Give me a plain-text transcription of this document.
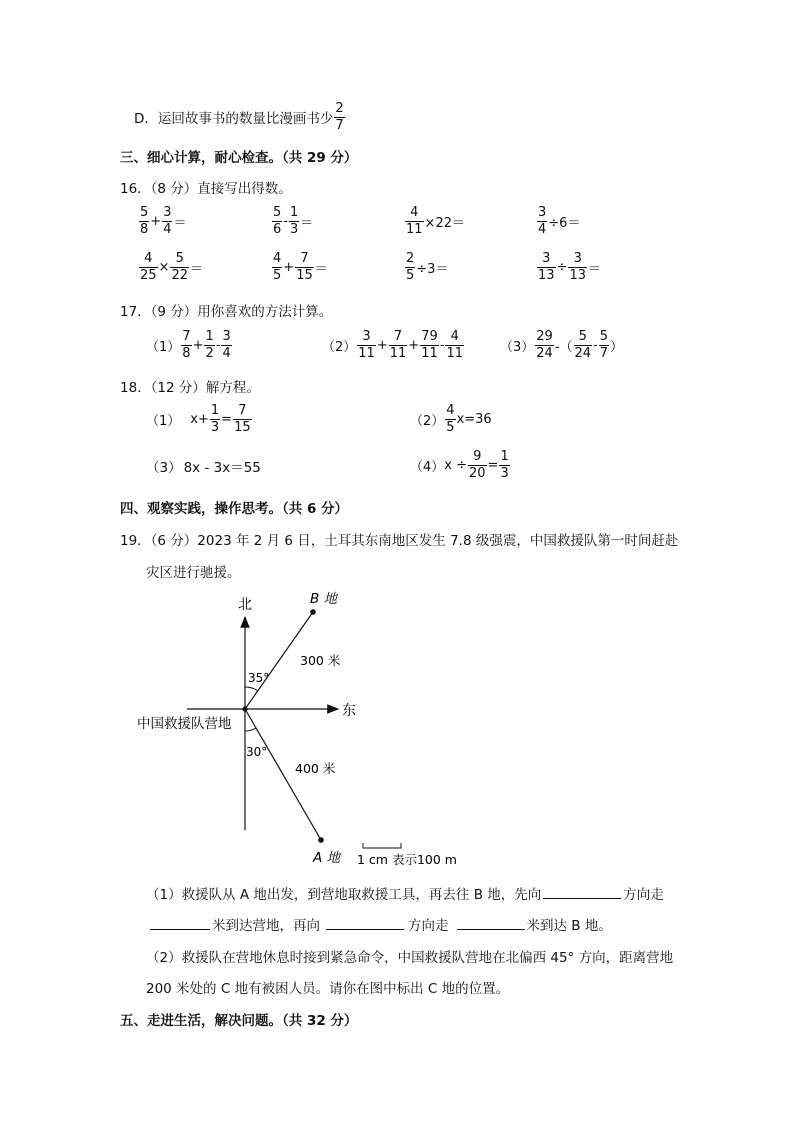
D．运回故事书的数量比漫画书少 $\frac{2}{7}$
三、细心计算，耐心检查。（共 29 分）
16．（8 分）直接写出得数。
$\frac{5}{8} + \frac{3}{4}$ ＝	$\frac{5}{6} - \frac{1}{3}$ ＝	$\frac{4}{11} \times 22=$	$\frac{3}{4} \div 6=$
$\frac{4}{25} \times \frac{5}{22}$ ＝	$\frac{4}{5} + \frac{7}{15}$ ＝	$\frac{2}{5} \div 3=$	$\frac{3}{13} \div \frac{3}{13}$ ＝
17．（9 分）用你喜欢的方法计算。
$(1) \frac{7}{8} + \frac{1}{2} - \frac{3}{4}$	$(2) \frac{3}{11} + \frac{7}{11} + \frac{79}{11} - \frac{4}{11}$	$(3) \frac{29}{24}$ -（ $\frac{5}{24} - \frac{5}{7}$ ）
18．（12 分）解方程。
（1） $x+ \frac{1}{3} = \frac{7}{15}$	$(2) \frac{4}{5} x=36$
（3） 8x - 3x＝55	$(4)x \div \frac{9}{20} = \frac{1}{3}$
四、观察实践，操作思考。（共 6 分）
19．（6 分）2023 年 2 月 6 日，土耳其东南地区发生 7.8 级强震，中国救援队第一时间赶赴
灾区进行驰援。
北
东
B 地
A 地
35°
30°
300 米
400 米
中国救援队营地
1 cm 表示100 m
（1）救援队从 A 地出发，到营地取救援工具，再去往 B 地，先向	方向走
米到达营地，再向	方向走	米到达 B 地。
（2）救援队在营地休息时接到紧急命令，中国救援队营地在北偏西 45° 方向，距离营地
200 米处的 C 地有被困人员。请你在图中标出 C 地的位置。
五、走进生活，解决问题。（共 32 分）
